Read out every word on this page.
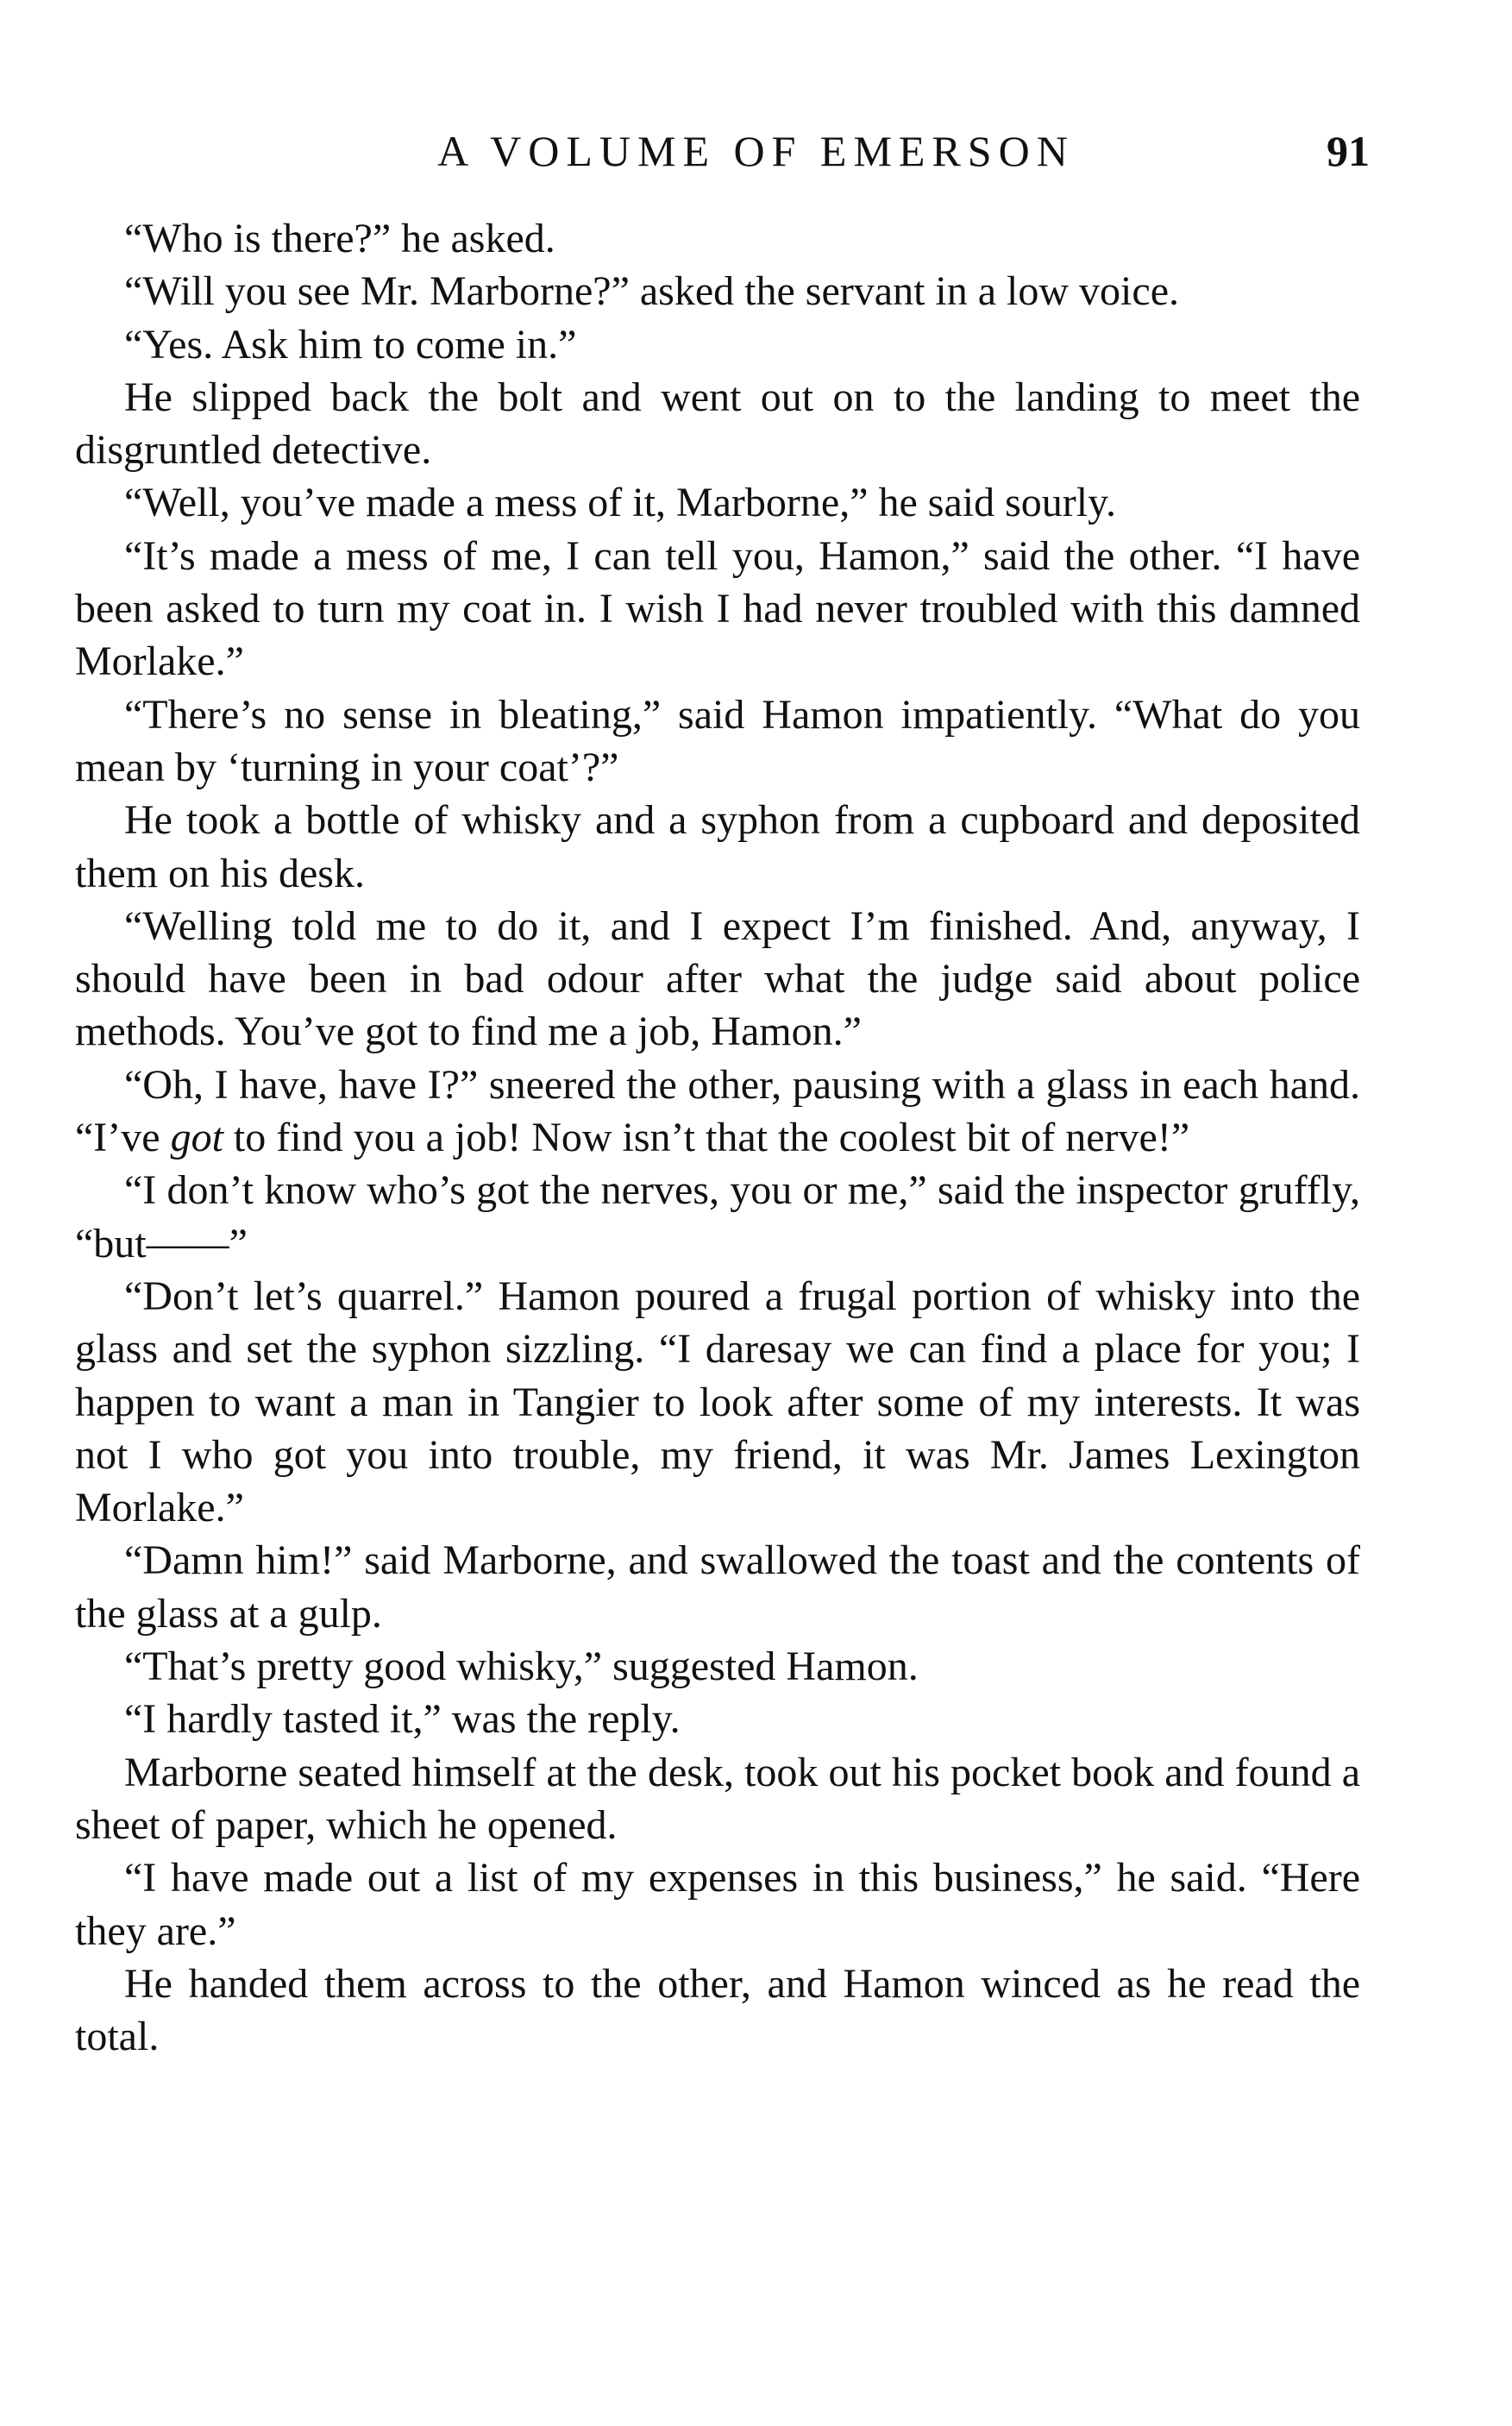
A VOLUME OF EMERSON	91

“Who is there?” he asked.

“Will you see Mr. Marborne?” asked the servant in a low voice.

“Yes. Ask him to come in.”

He slipped back the bolt and went out on to the landing to meet the disgruntled detective.

“Well, you’ve made a mess of it, Marborne,” he said sourly.

“It’s made a mess of me, I can tell you, Hamon,” said the other. “I have been asked to turn my coat in. I wish I had never troubled with this damned Morlake.”

“There’s no sense in bleating,” said Hamon impatiently. “What do you mean by ‘turning in your coat’?”

He took a bottle of whisky and a syphon from a cupboard and deposited them on his desk.

“Welling told me to do it, and I expect I’m finished. And, anyway, I should have been in bad odour after what the judge said about police methods. You’ve got to find me a job, Hamon.”

“Oh, I have, have I?” sneered the other, pausing with a glass in each hand. “I’ve got to find you a job! Now isn’t that the coolest bit of nerve!”

“I don’t know who’s got the nerves, you or me,” said the inspector gruffly, “but——”

“Don’t let’s quarrel.” Hamon poured a frugal portion of whisky into the glass and set the syphon sizzling. “I daresay we can find a place for you; I happen to want a man in Tangier to look after some of my interests. It was not I who got you into trouble, my friend, it was Mr. James Lexington Morlake.”

“Damn him!” said Marborne, and swallowed the toast and the contents of the glass at a gulp.

“That’s pretty good whisky,” suggested Hamon.

“I hardly tasted it,” was the reply.

Marborne seated himself at the desk, took out his pocket book and found a sheet of paper, which he opened.

“I have made out a list of my expenses in this business,” he said. “Here they are.”

He handed them across to the other, and Hamon winced as he read the total.
